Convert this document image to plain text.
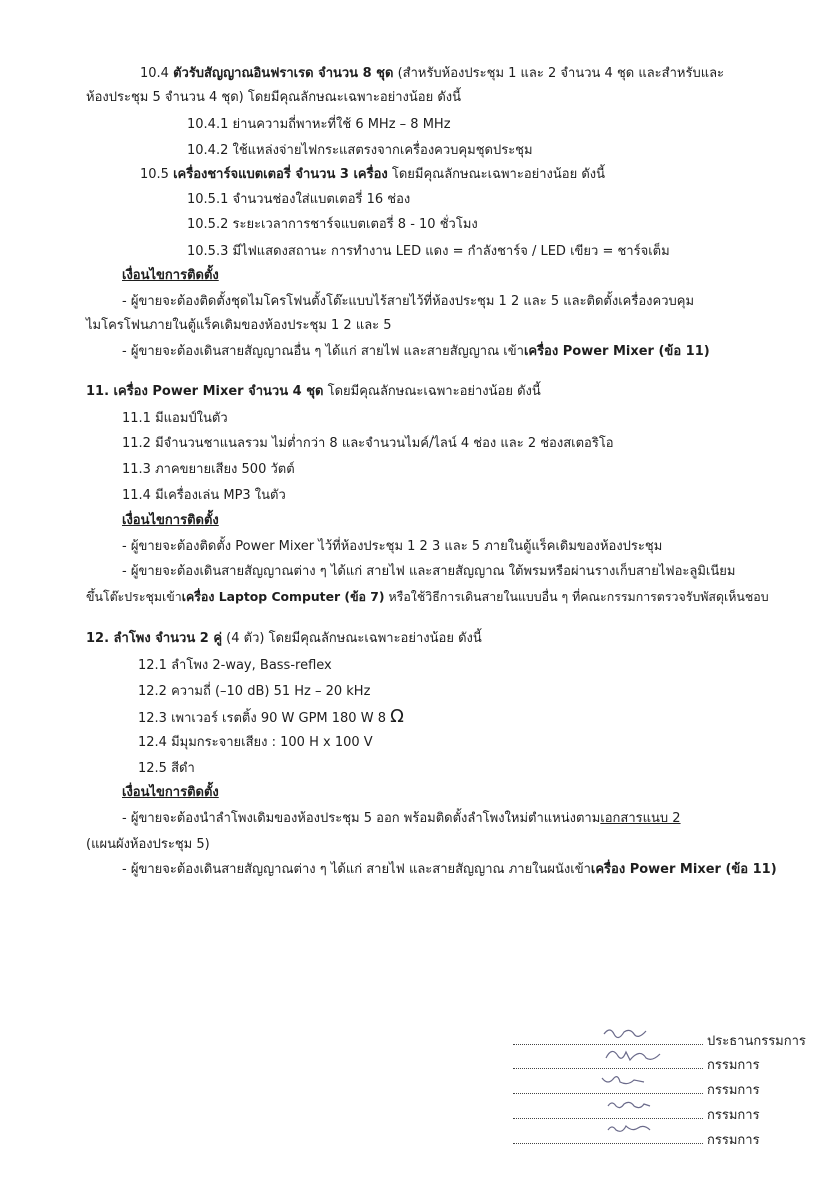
10.4 ตัวรับสัญญาณอินฟราเรด จำนวน 8 ชุด (สำหรับห้องประชุม 1 และ 2 จำนวน 4 ชุด และสำหรับและ
ห้องประชุม 5 จำนวน 4 ชุด) โดยมีคุณลักษณะเฉพาะอย่างน้อย ดังนี้
10.4.1 ย่านความถี่พาหะที่ใช้ 6 MHz – 8 MHz
10.4.2 ใช้แหล่งจ่ายไฟกระแสตรงจากเครื่องควบคุมชุดประชุม
10.5 เครื่องชาร์จแบตเตอรี่ จำนวน 3 เครื่อง โดยมีคุณลักษณะเฉพาะอย่างน้อย ดังนี้
10.5.1 จำนวนช่องใส่แบตเตอรี่ 16 ช่อง
10.5.2 ระยะเวลาการชาร์จแบตเตอรี่ 8 - 10 ชั่วโมง
10.5.3 มีไฟแสดงสถานะ การทำงาน LED แดง = กำลังชาร์จ / LED เขียว = ชาร์จเต็ม
เงื่อนไขการติดตั้ง
- ผู้ขายจะต้องติดตั้งชุดไมโครโฟนตั้งโต๊ะแบบไร้สายไว้ที่ห้องประชุม 1 2 และ 5 และติดตั้งเครื่องควบคุม
ไมโครโฟนภายในตู้แร็คเดิมของห้องประชุม 1 2 และ 5
- ผู้ขายจะต้องเดินสายสัญญาณอื่น ๆ ได้แก่ สายไฟ และสายสัญญาณ เข้าเครื่อง Power Mixer (ข้อ 11)
11. เครื่อง Power Mixer จำนวน 4 ชุด โดยมีคุณลักษณะเฉพาะอย่างน้อย ดังนี้
11.1 มีแอมป์ในตัว
11.2 มีจำนวนชาแนลรวม ไม่ต่ำกว่า 8 และจำนวนไมค์/ไลน์ 4 ช่อง และ 2 ช่องสเตอริโอ
11.3 ภาคขยายเสียง 500 วัตต์
11.4 มีเครื่องเล่น MP3 ในตัว
เงื่อนไขการติดตั้ง
- ผู้ขายจะต้องติดตั้ง Power Mixer ไว้ที่ห้องประชุม 1 2 3 และ 5 ภายในตู้แร็คเดิมของห้องประชุม
- ผู้ขายจะต้องเดินสายสัญญาณต่าง ๆ ได้แก่ สายไฟ และสายสัญญาณ ใต้พรมหรือผ่านรางเก็บสายไฟอะลูมิเนียม
ขึ้นโต๊ะประชุมเข้าเครื่อง Laptop Computer (ข้อ 7) หรือใช้วิธีการเดินสายในแบบอื่น ๆ ที่คณะกรรมการตรวจรับพัสดุเห็นชอบ
12. ลำโพง จำนวน 2 คู่ (4 ตัว) โดยมีคุณลักษณะเฉพาะอย่างน้อย ดังนี้
12.1 ลำโพง 2-way, Bass-reflex
12.2 ความถี่ (–10 dB) 51 Hz – 20 kHz
12.3 เพาเวอร์ เรตติ้ง 90 W GPM 180 W 8 Ω
12.4 มีมุมกระจายเสียง : 100 H x 100 V
12.5 สีดำ
เงื่อนไขการติดตั้ง
- ผู้ขายจะต้องนำลำโพงเดิมของห้องประชุม 5 ออก พร้อมติดตั้งลำโพงใหม่ตำแหน่งตามเอกสารแนบ 2
(แผนผังห้องประชุม 5)
- ผู้ขายจะต้องเดินสายสัญญาณต่าง ๆ ได้แก่ สายไฟ และสายสัญญาณ ภายในผนังเข้าเครื่อง Power Mixer (ข้อ 11)
ประธานกรรมการ
กรรมการ
กรรมการ
กรรมการ
กรรมการ
